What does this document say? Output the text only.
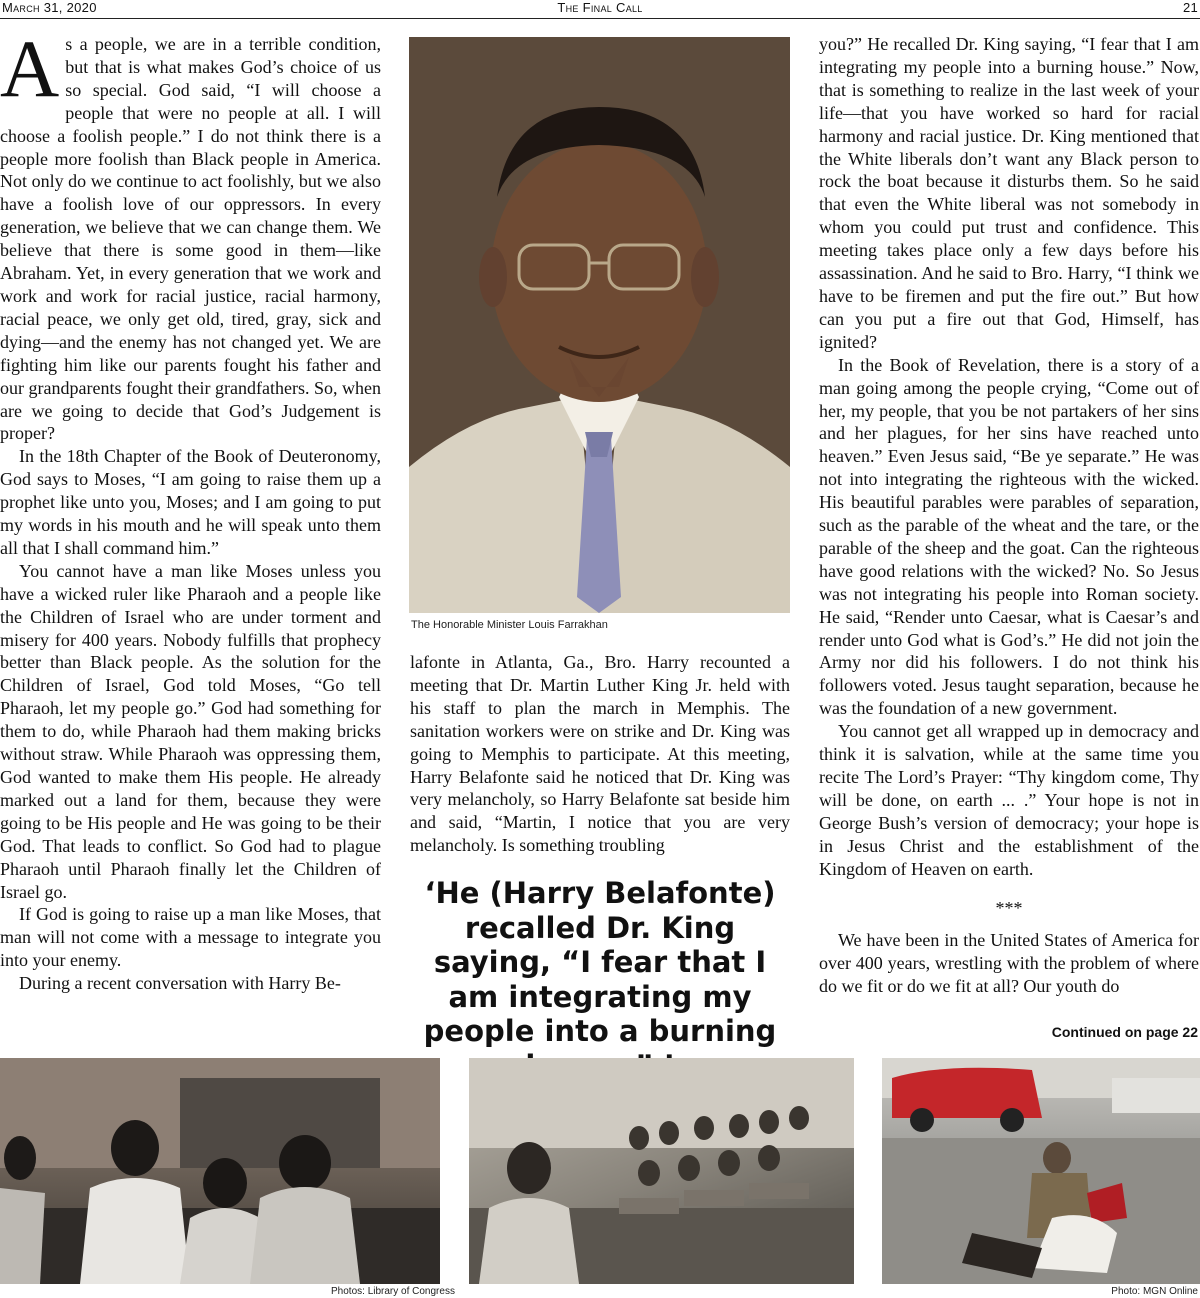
March 31, 2020	The Final Call	21

As a people, we are in a terrible condition, but that is what makes God’s choice of us so special. God said, “I will choose a people that were no people at all. I will choose a foolish people.” I do not think there is a people more foolish than Black people in America. Not only do we continue to act foolishly, but we also have a foolish love of our oppressors. In every generation, we believe that we can change them. We believe that there is some good in them—like Abraham. Yet, in every generation that we work and work and work for racial justice, racial harmony, racial peace, we only get old, tired, gray, sick and dying—and the enemy has not changed yet. We are fighting him like our parents fought his father and our grandparents fought their grandfathers. So, when are we going to decide that God’s Judgement is proper?

In the 18th Chapter of the Book of Deuteronomy, God says to Moses, “I am going to raise them up a prophet like unto you, Moses; and I am going to put my words in his mouth and he will speak unto them all that I shall command him.”

You cannot have a man like Moses unless you have a wicked ruler like Pharaoh and a people like the Children of Israel who are under torment and misery for 400 years. Nobody fulfills that prophecy better than Black people. As the solution for the Children of Israel, God told Moses, “Go tell Pharaoh, let my people go.” God had something for them to do, while Pharaoh had them making bricks without straw. While Pharaoh was oppressing them, God wanted to make them His people. He already marked out a land for them, because they were going to be His people and He was going to be their God. That leads to conflict. So God had to plague Pharaoh until Pharaoh finally let the Children of Israel go.

If God is going to raise up a man like Moses, that man will not come with a message to integrate you into your enemy.

During a recent conversation with Harry Be-

The Honorable Minister Louis Farrakhan

lafonte in Atlanta, Ga., Bro. Harry recounted a meeting that Dr. Martin Luther King Jr. held with his staff to plan the march in Memphis. The sanitation workers were on strike and Dr. King was going to Memphis to participate. At this meeting, Harry Belafonte said he noticed that Dr. King was very melancholy, so Harry Belafonte sat beside him and said, “Martin, I notice that you are very melancholy. Is something troubling

‘He (Harry Belafonte) recalled Dr. King saying, “I fear that I am integrating my people into a burning

you?” He recalled Dr. King saying, “I fear that I am integrating my people into a burning house.” Now, that is something to realize in the last week of your life—that you have worked so hard for racial harmony and racial justice. Dr. King mentioned that the White liberals don’t want any Black person to rock the boat because it disturbs them. So he said that even the White liberal was not somebody in whom you could put trust and confidence. This meeting takes place only a few days before his assassination. And he said to Bro. Harry, “I think we have to be firemen and put the fire out.” But how can you put a fire out that God, Himself, has ignited?

In the Book of Revelation, there is a story of a man going among the people crying, “Come out of her, my people, that you be not partakers of her sins and her plagues, for her sins have reached unto heaven.” Even Jesus said, “Be ye separate.” He was not into integrating the righteous with the wicked. His beautiful parables were parables of separation, such as the parable of the wheat and the tare, or the parable of the sheep and the goat. Can the righteous have good relations with the wicked? No. So Jesus was not integrating his people into Roman society. He said, “Render unto Caesar, what is Caesar’s and render unto God what is God’s.” He did not join the Army nor did his followers. I do not think his followers voted. Jesus taught separation, because he was the foundation of a new government.

You cannot get all wrapped up in democracy and think it is salvation, while at the same time you recite The Lord’s Prayer: “Thy kingdom come, Thy will be done, on earth ... .” Your hope is not in George Bush’s version of democracy; your hope is in Jesus Christ and the establishment of the Kingdom of Heaven on earth.

***

We have been in the United States of America for over 400 years, wrestling with the problem of where do we fit or do we fit at all? Our youth do

Continued on page 22
Photos: Library of Congress	Photo: MGN Online
